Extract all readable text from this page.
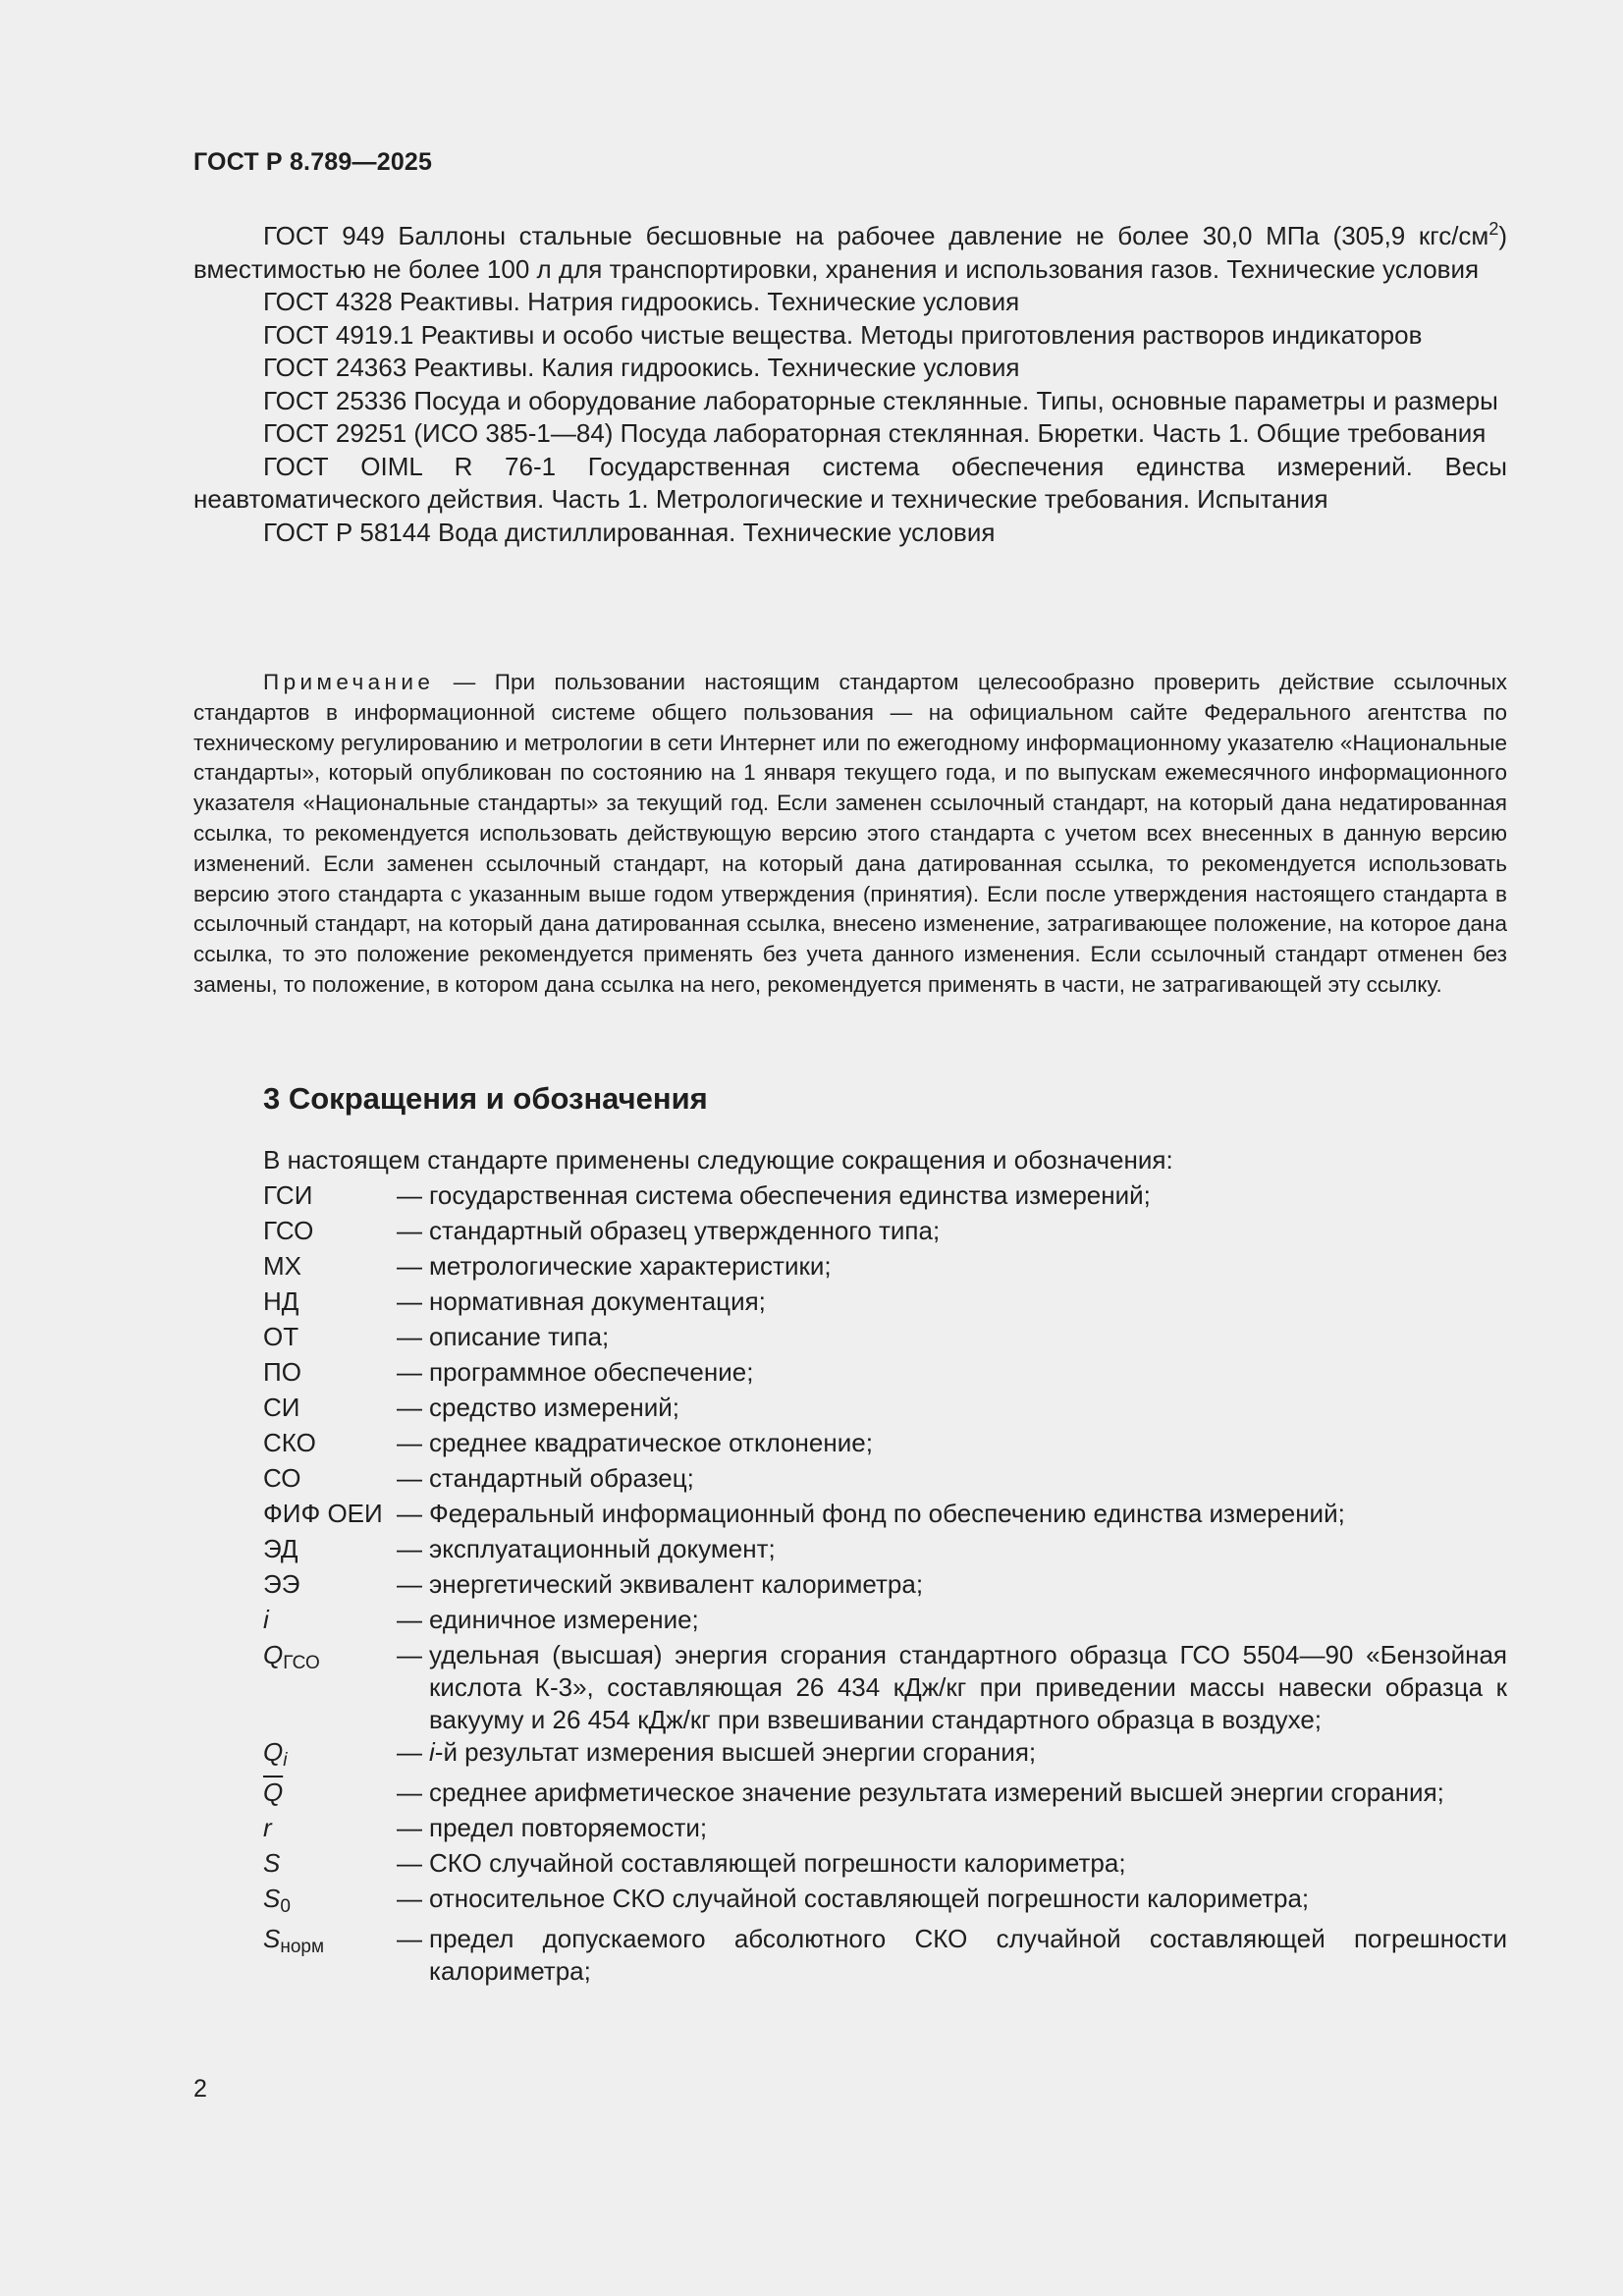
ГОСТ Р 8.789—2025

ГОСТ 949 Баллоны стальные бесшовные на рабочее давление не более 30,0 МПа (305,9 кгс/$см^2$) вместимостью не более 100 л для транспортировки, хранения и использования газов. Технические условия

ГОСТ 4328 Реактивы. Натрия гидроокись. Технические условия

ГОСТ 4919.1 Реактивы и особо чистые вещества. Методы приготовления растворов индикаторов

ГОСТ 24363 Реактивы. Калия гидроокись. Технические условия

ГОСТ 25336 Посуда и оборудование лабораторные стеклянные. Типы, основные параметры и размеры

ГОСТ 29251 (ИСО 385-1—84) Посуда лабораторная стеклянная. Бюретки. Часть 1. Общие требования

ГОСТ OIML R 76-1 Государственная система обеспечения единства измерений. Весы неавтоматического действия. Часть 1. Метрологические и технические требования. Испытания

ГОСТ Р 58144 Вода дистиллированная. Технические условия

Примечание — При пользовании настоящим стандартом целесообразно проверить действие ссылочных стандартов в информационной системе общего пользования — на официальном сайте Федерального агентства по техническому регулированию и метрологии в сети Интернет или по ежегодному информационному указателю «Национальные стандарты», который опубликован по состоянию на 1 января текущего года, и по выпускам ежемесячного информационного указателя «Национальные стандарты» за текущий год. Если заменен ссылочный стандарт, на который дана недатированная ссылка, то рекомендуется использовать действующую версию этого стандарта с учетом всех внесенных в данную версию изменений. Если заменен ссылочный стандарт, на который дана датированная ссылка, то рекомендуется использовать версию этого стандарта с указанным выше годом утверждения (принятия). Если после утверждения настоящего стандарта в ссылочный стандарт, на который дана датированная ссылка, внесено изменение, затрагивающее положение, на которое дана ссылка, то это положение рекомендуется применять без учета данного изменения. Если ссылочный стандарт отменен без замены, то положение, в котором дана ссылка на него, рекомендуется применять в части, не затрагивающей эту ссылку.

3 Сокращения и обозначения
В настоящем стандарте применены следующие сокращения и обозначения:
ГСИ	— государственная система обеспечения единства измерений;
ГСО	— стандартный образец утвержденного типа;
МХ	— метрологические характеристики;
НД	— нормативная документация;
ОТ	— описание типа;
ПО	— программное обеспечение;
СИ	— средство измерений;
СКО	— среднее квадратическое отклонение;
СО	— стандартный образец;
ФИФ ОЕИ — Федеральный информационный фонд по обеспечению единства измерений;
ЭД	— эксплуатационный документ;
ЭЭ	— энергетический эквивалент калориметра;
i	— единичное измерение;
$Q_{ГСО}$	— удельная (высшая) энергия сгорания стандартного образца ГСО 5504—90 «Бензойная кислота К-3», составляющая 26 434 кДж/кг при приведении массы навески образца к вакууму и 26 454 кДж/кг при взвешивании стандартного образца в воздухе;
$Q_i$	— i-й результат измерения высшей энергии сгорания;
$\overline{Q}$	— среднее арифметическое значение результата измерений высшей энергии сгорания;
r	— предел повторяемости;
S	— СКО случайной составляющей погрешности калориметра;
$S_0$	— относительное СКО случайной составляющей погрешности калориметра;
$S_{норм}$	— предел допускаемого абсолютного СКО случайной составляющей погрешности калориметра;
2
